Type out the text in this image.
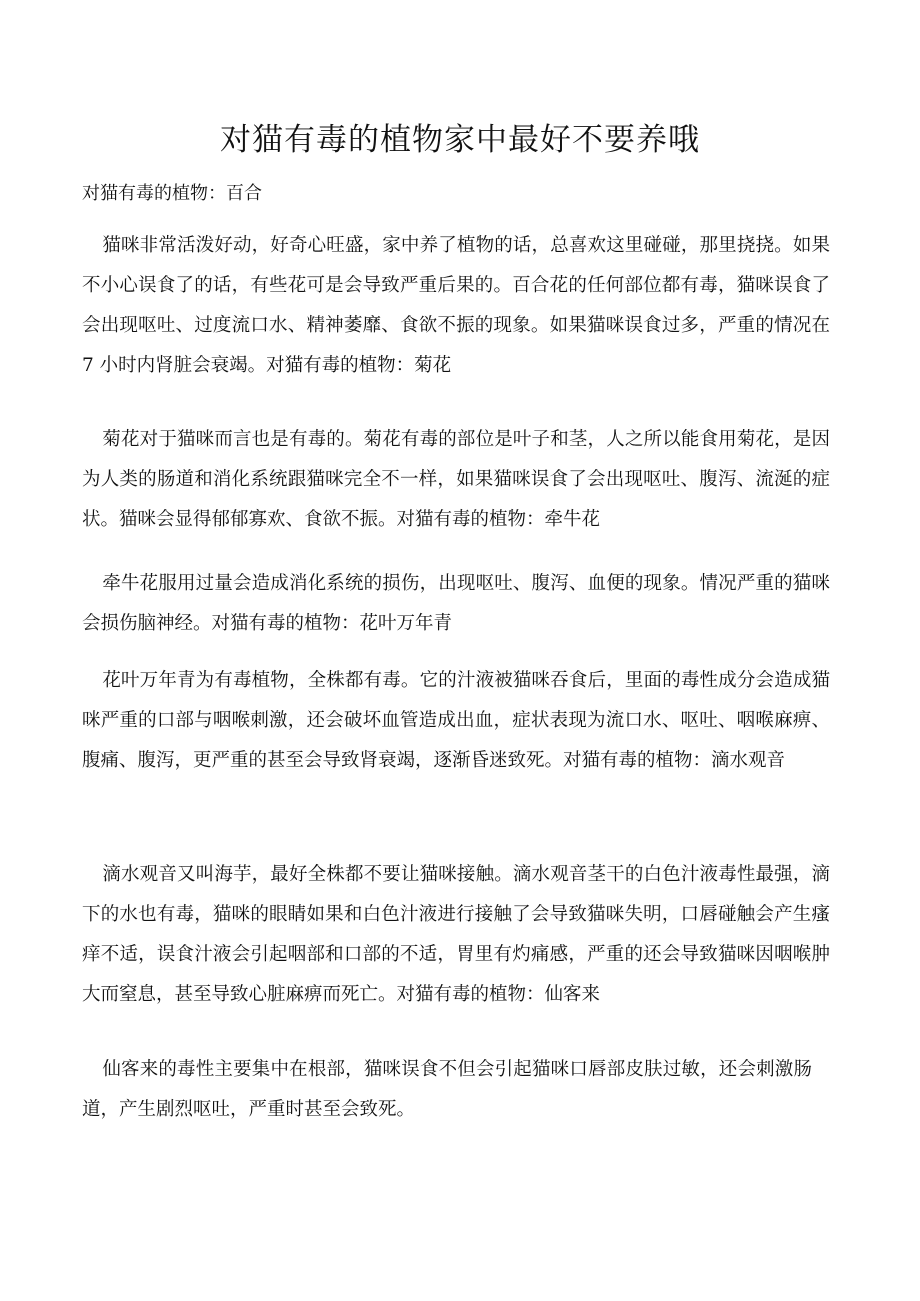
对猫有毒的植物家中最好不要养哦

对猫有毒的植物：百合

猫咪非常活泼好动，好奇心旺盛，家中养了植物的话，总喜欢这里碰碰，那里挠挠。如果不小心误食了的话，有些花可是会导致严重后果的。百合花的任何部位都有毒，猫咪误食了会出现呕吐、过度流口水、精神萎靡、食欲不振的现象。如果猫咪误食过多，严重的情况在 7 小时内肾脏会衰竭。对猫有毒的植物：菊花

菊花对于猫咪而言也是有毒的。菊花有毒的部位是叶子和茎，人之所以能食用菊花，是因为人类的肠道和消化系统跟猫咪完全不一样，如果猫咪误食了会出现呕吐、腹泻、流涎的症状。猫咪会显得郁郁寡欢、食欲不振。对猫有毒的植物：牵牛花

牵牛花服用过量会造成消化系统的损伤，出现呕吐、腹泻、血便的现象。情况严重的猫咪会损伤脑神经。对猫有毒的植物：花叶万年青

花叶万年青为有毒植物，全株都有毒。它的汁液被猫咪吞食后，里面的毒性成分会造成猫咪严重的口部与咽喉刺激，还会破坏血管造成出血，症状表现为流口水、呕吐、咽喉麻痹、腹痛、腹泻，更严重的甚至会导致肾衰竭，逐渐昏迷致死。对猫有毒的植物：滴水观音

滴水观音又叫海芋，最好全株都不要让猫咪接触。滴水观音茎干的白色汁液毒性最强，滴下的水也有毒，猫咪的眼睛如果和白色汁液进行接触了会导致猫咪失明，口唇碰触会产生瘙痒不适，误食汁液会引起咽部和口部的不适，胃里有灼痛感，严重的还会导致猫咪因咽喉肿大而窒息，甚至导致心脏麻痹而死亡。对猫有毒的植物：仙客来

仙客来的毒性主要集中在根部，猫咪误食不但会引起猫咪口唇部皮肤过敏，还会刺激肠道，产生剧烈呕吐，严重时甚至会致死。
